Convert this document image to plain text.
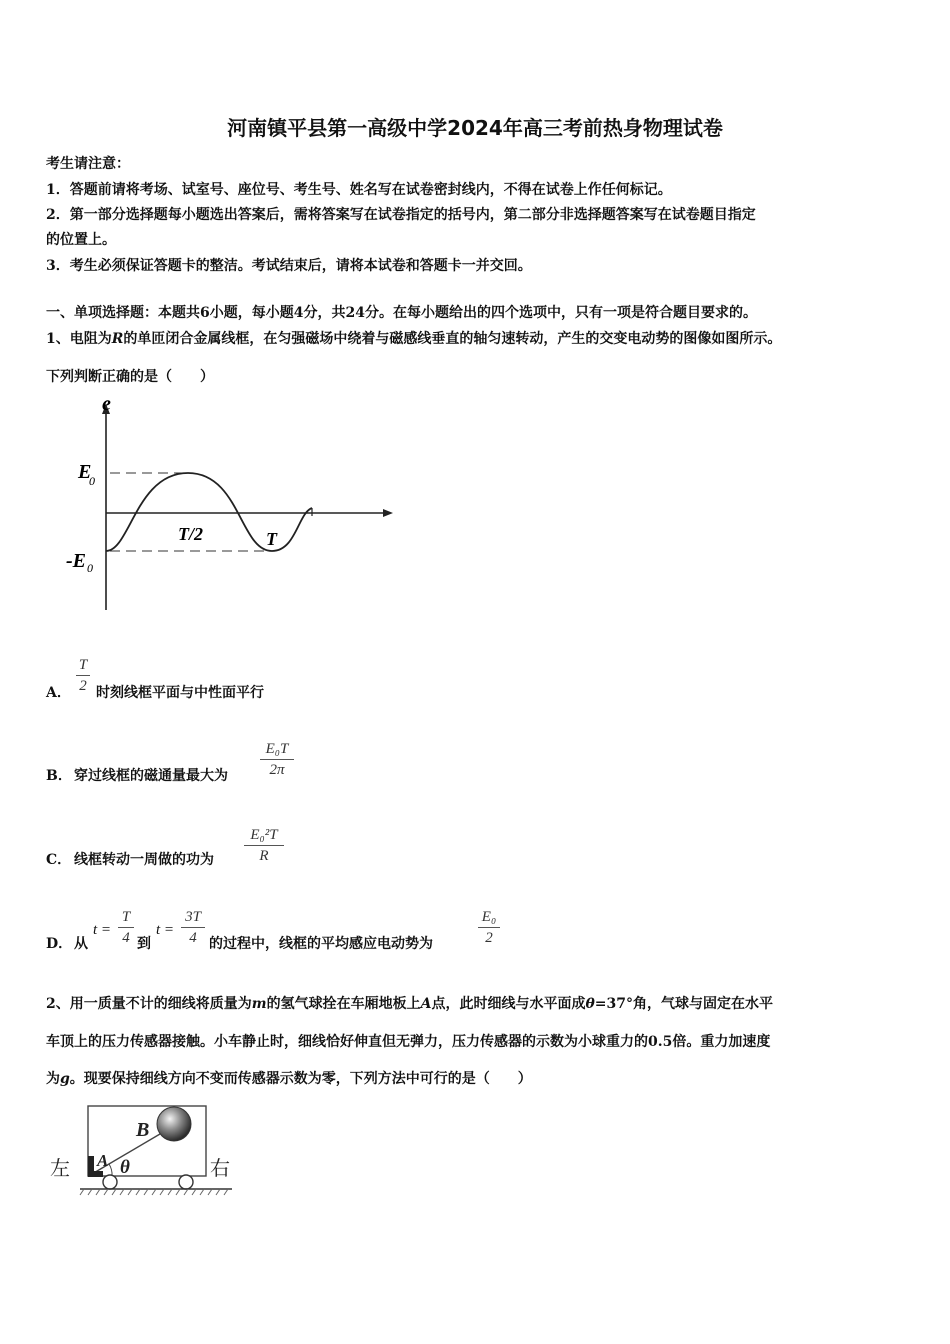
河南镇平县第一高级中学2024年高三考前热身物理试卷
考生请注意：
1．答题前请将考场、试室号、座位号、考生号、姓名写在试卷密封线内，不得在试卷上作任何标记。
2．第一部分选择题每小题选出答案后，需将答案写在试卷指定的括号内，第二部分非选择题答案写在试卷题目指定
的位置上。
3．考生必须保证答题卡的整洁。考试结束后，请将本试卷和答题卡一并交回。
一、单项选择题：本题共6小题，每小题4分，共24分。在每小题给出的四个选项中，只有一项是符合题目要求的。
1、电阻为R的单匝闭合金属线框，在匀强磁场中绕着与磁感线垂直的轴匀速转动，产生的交变电动势的图像如图所示。
下列判断正确的是（　　）
e
E
0
-E 0
T/2	T
A．
T
2 时刻线框平面与中性面平行
B． 穿过线框的磁通量最大为
E₀T
2π
C． 线框转动一周做的功为
E₀²T
R
D． 从
t =
T
4 到
t =
3T
4 的过程中，线框的平均感应电动势为
E₀
2
2、用一质量不计的细线将质量为m的氢气球拴在车厢地板上A点，此时细线与水平面成θ=37°角，气球与固定在水平
车顶上的压力传感器接触。小车静止时，细线恰好伸直但无弹力，压力传感器的示数为小球重力的0.5倍。重力加速度
为g。现要保持细线方向不变而传感器示数为零，下列方法中可行的是（　　）
左	右
B
A θ
